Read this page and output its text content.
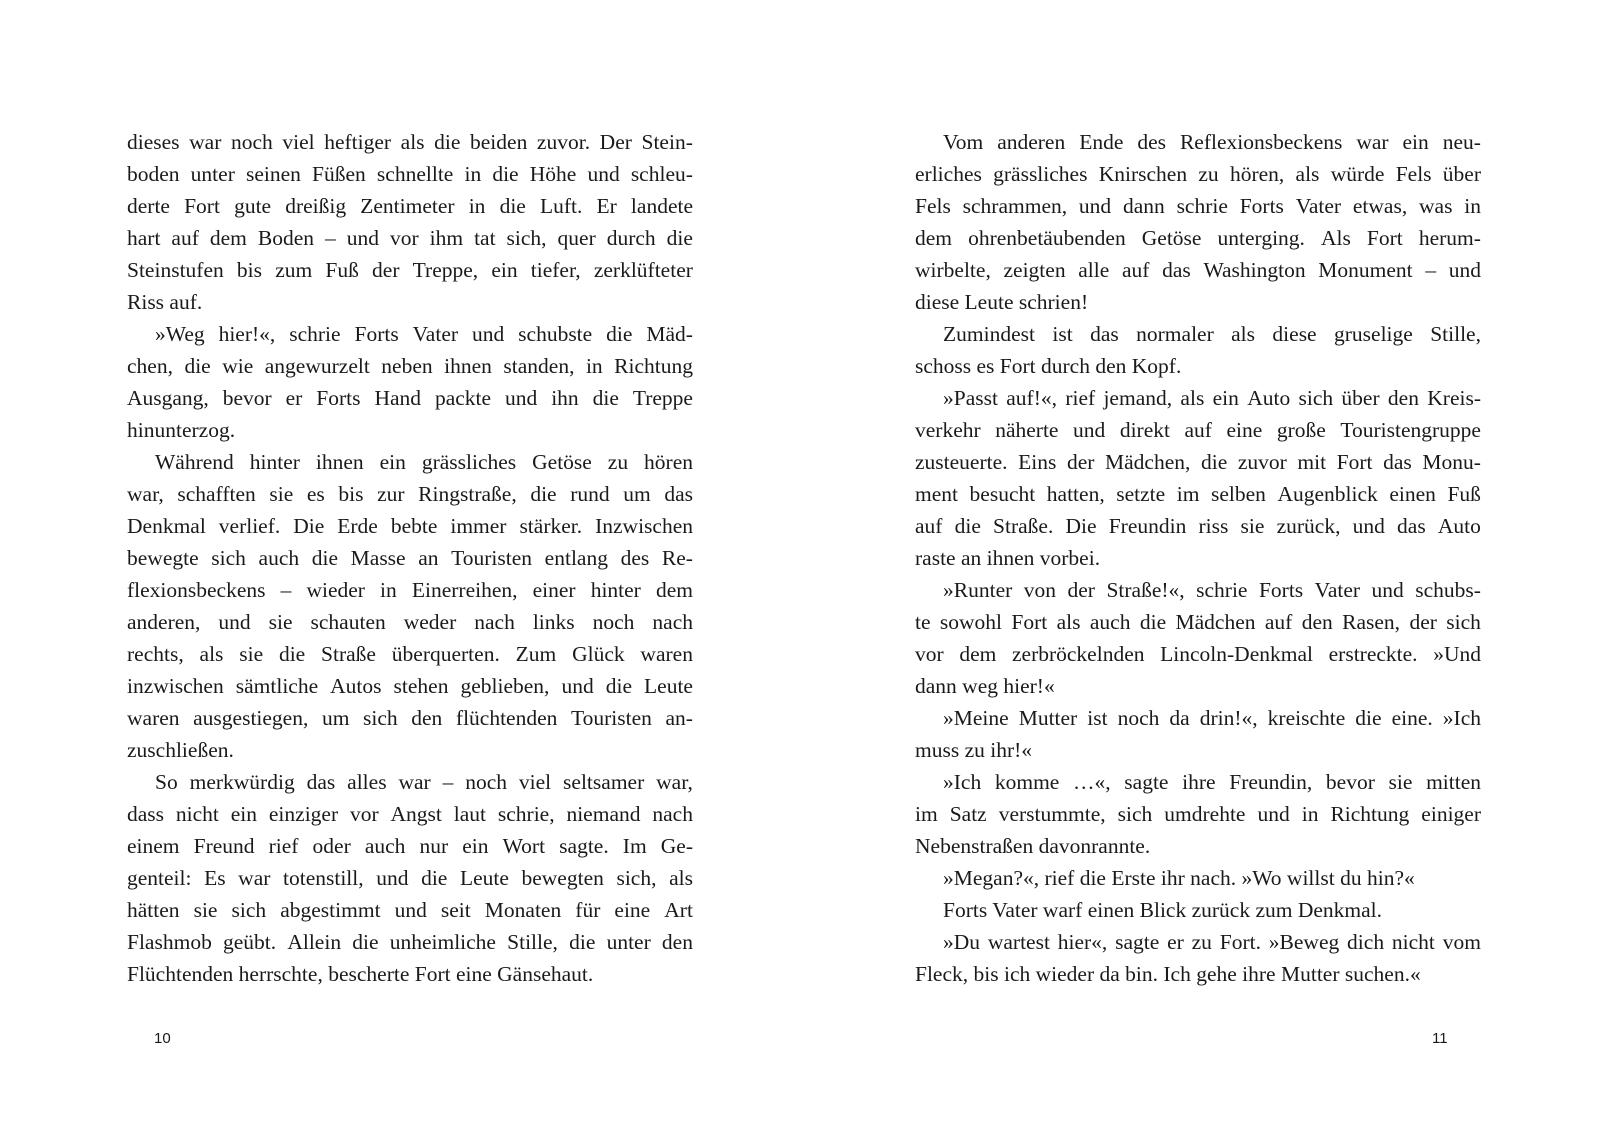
dieses war noch viel heftiger als die beiden zuvor. Der Stein-
boden unter seinen Füßen schnellte in die Höhe und schleu-
derte Fort gute dreißig Zentimeter in die Luft. Er landete
hart auf dem Boden – und vor ihm tat sich, quer durch die
Steinstufen bis zum Fuß der Treppe, ein tiefer, zerklüfteter
Riss auf.
»Weg hier!«, schrie Forts Vater und schubste die Mäd-
chen, die wie angewurzelt neben ihnen standen, in Richtung
Ausgang, bevor er Forts Hand packte und ihn die Treppe
hinunterzog.
Während hinter ihnen ein grässliches Getöse zu hören
war, schafften sie es bis zur Ringstraße, die rund um das
Denkmal verlief. Die Erde bebte immer stärker. Inzwischen
bewegte sich auch die Masse an Touristen entlang des Re-
flexionsbeckens – wieder in Einerreihen, einer hinter dem
anderen, und sie schauten weder nach links noch nach
rechts, als sie die Straße überquerten. Zum Glück waren
inzwischen sämtliche Autos stehen geblieben, und die Leute
waren ausgestiegen, um sich den flüchtenden Touristen an-
zuschließen.
So merkwürdig das alles war – noch viel seltsamer war,
dass nicht ein einziger vor Angst laut schrie, niemand nach
einem Freund rief oder auch nur ein Wort sagte. Im Ge-
genteil: Es war totenstill, und die Leute bewegten sich, als
hätten sie sich abgestimmt und seit Monaten für eine Art
Flashmob geübt. Allein die unheimliche Stille, die unter den
Flüchtenden herrschte, bescherte Fort eine Gänsehaut.
Vom anderen Ende des Reflexionsbeckens war ein neu-
erliches grässliches Knirschen zu hören, als würde Fels über
Fels schrammen, und dann schrie Forts Vater etwas, was in
dem ohrenbetäubenden Getöse unterging. Als Fort herum-
wirbelte, zeigten alle auf das Washington Monument – und
diese Leute schrien!
Zumindest ist das normaler als diese gruselige Stille,
schoss es Fort durch den Kopf.
»Passt auf!«, rief jemand, als ein Auto sich über den Kreis-
verkehr näherte und direkt auf eine große Touristengruppe
zusteuerte. Eins der Mädchen, die zuvor mit Fort das Monu-
ment besucht hatten, setzte im selben Augenblick einen Fuß
auf die Straße. Die Freundin riss sie zurück, und das Auto
raste an ihnen vorbei.
»Runter von der Straße!«, schrie Forts Vater und schubs-
te sowohl Fort als auch die Mädchen auf den Rasen, der sich
vor dem zerbröckelnden Lincoln-Denkmal erstreckte. »Und
dann weg hier!«
»Meine Mutter ist noch da drin!«, kreischte die eine. »Ich
muss zu ihr!«
»Ich komme …«, sagte ihre Freundin, bevor sie mitten
im Satz verstummte, sich umdrehte und in Richtung einiger
Nebenstraßen davonrannte.
»Megan?«, rief die Erste ihr nach. »Wo willst du hin?«
Forts Vater warf einen Blick zurück zum Denkmal.
»Du wartest hier«, sagte er zu Fort. »Beweg dich nicht vom
Fleck, bis ich wieder da bin. Ich gehe ihre Mutter suchen.«
10	11
